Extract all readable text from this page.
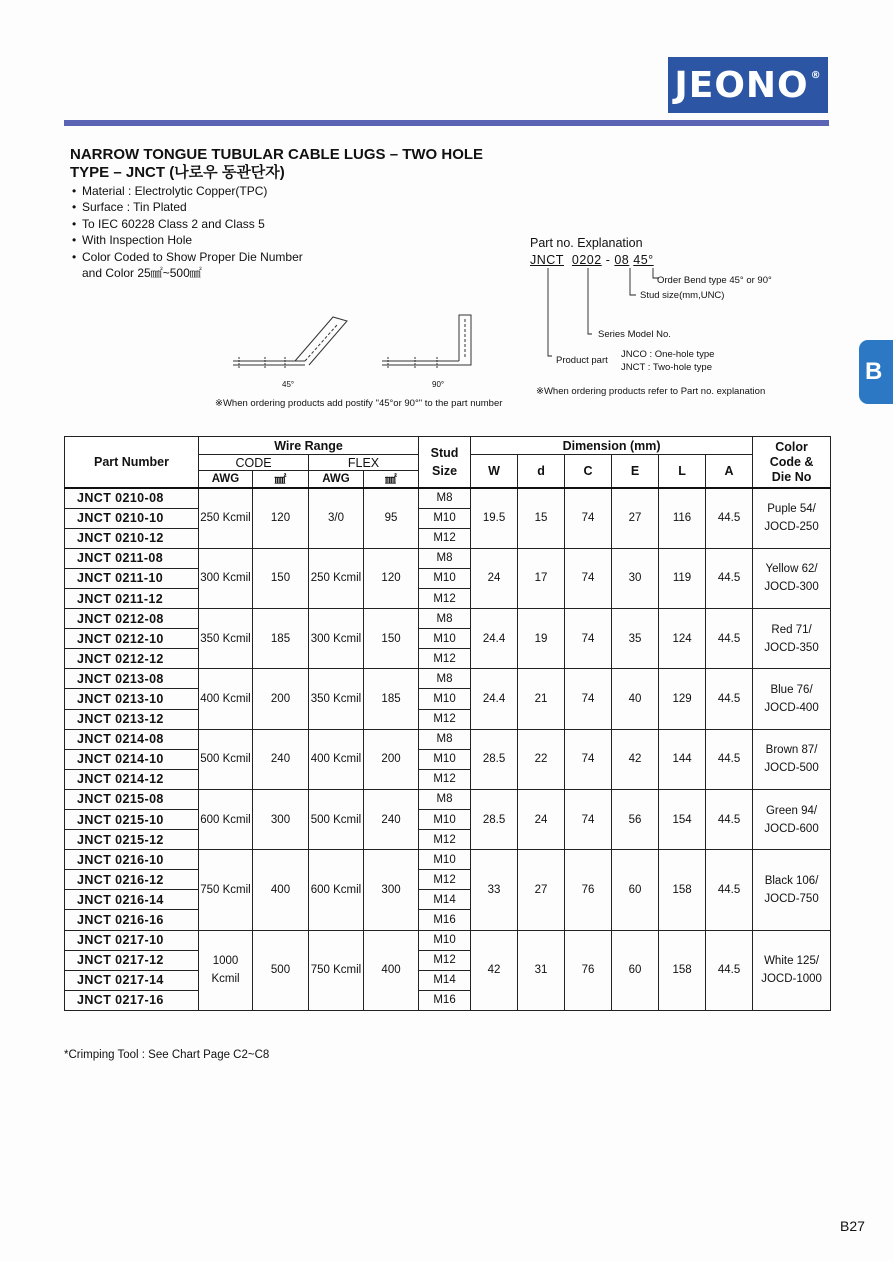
JEONO®
NARROW TONGUE TUBULAR CABLE LUGS – TWO HOLE
TYPE – JNCT (나로우 동관단자)
• Material : Electrolytic Copper(TPC)
• Surface : Tin Plated
• To IEC 60228 Class 2 and Class 5
• With Inspection Hole
• Color Coded to Show Proper Die Number
and Color 25㎟~500㎟
B
45°	90°
※When ordering products add postify "45°or 90°" to the part number
Part no. Explanation
JNCT 0202 - 08 45°
Order Bend type 45° or 90°
Stud size(mm,UNC)
Series Model No.
Product part
JNCO : One-hole type
JNCT : Two-hole type
※When ordering products refer to Part no. explanation
Part Number	Wire Range				Stud Size	Dimension (mm)						Color Code & Die No
	CODE		FLEX			W	d	C	E	L	A	
	AWG	㎟	AWG	㎟								
JNCT 0210-08	250 Kcmil	120	3/0	95	M8	19.5	15	74	27	116	44.5	Puple 54/ JOCD-250
JNCT 0210-10					M10							
JNCT 0210-12					M12							
JNCT 0211-08	300 Kcmil	150	250 Kcmil	120	M8	24	17	74	30	119	44.5	Yellow 62/ JOCD-300
JNCT 0211-10					M10							
JNCT 0211-12					M12							
JNCT 0212-08	350 Kcmil	185	300 Kcmil	150	M8	24.4	19	74	35	124	44.5	Red 71/ JOCD-350
JNCT 0212-10					M10							
JNCT 0212-12					M12							
JNCT 0213-08	400 Kcmil	200	350 Kcmil	185	M8	24.4	21	74	40	129	44.5	Blue 76/ JOCD-400
JNCT 0213-10					M10							
JNCT 0213-12					M12							
JNCT 0214-08	500 Kcmil	240	400 Kcmil	200	M8	28.5	22	74	42	144	44.5	Brown 87/ JOCD-500
JNCT 0214-10					M10							
JNCT 0214-12					M12							
JNCT 0215-08	600 Kcmil	300	500 Kcmil	240	M8	28.5	24	74	56	154	44.5	Green 94/ JOCD-600
JNCT 0215-10					M10							
JNCT 0215-12					M12							
JNCT 0216-10	750 Kcmil	400	600 Kcmil	300	M10	33	27	76	60	158	44.5	Black 106/ JOCD-750
JNCT 0216-12					M12							
JNCT 0216-14					M14							
JNCT 0216-16					M16							
JNCT 0217-10	1000 Kcmil	500	750 Kcmil	400	M10	42	31	76	60	158	44.5	White 125/ JOCD-1000
JNCT 0217-12					M12							
JNCT 0217-14					M14							
JNCT 0217-16					M16							
*Crimping Tool : See Chart Page C2~C8
B27
